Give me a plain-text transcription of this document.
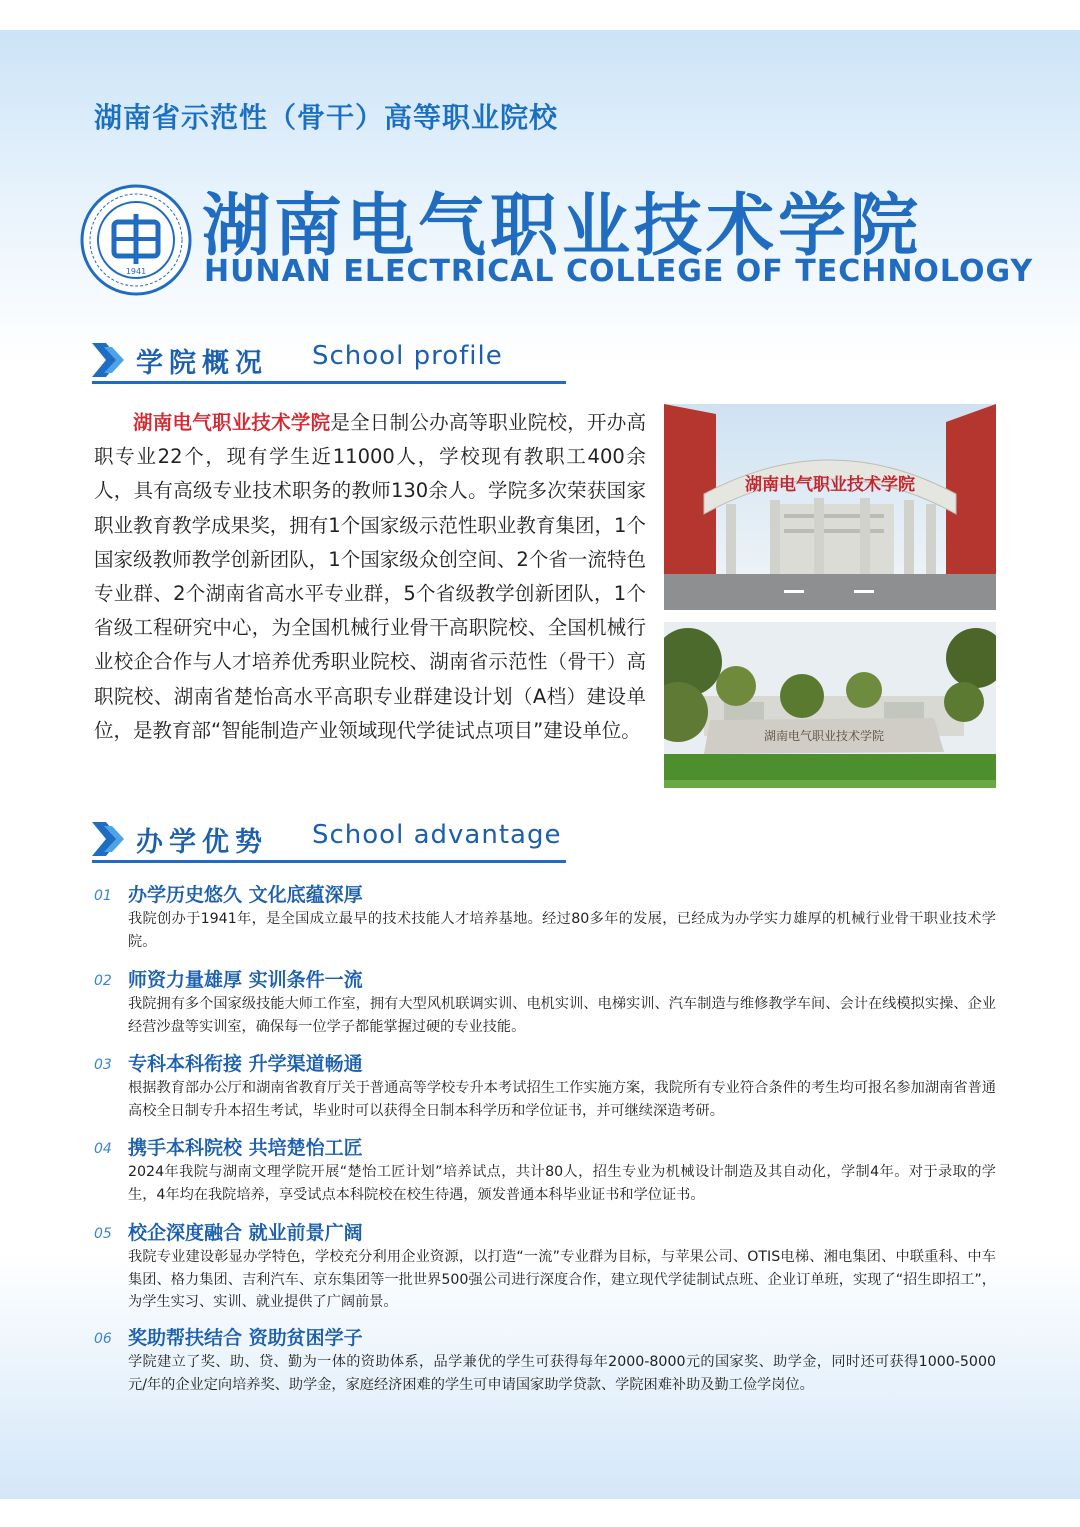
湖南省示范性（骨干）高等职业院校
1941
湖南电气职业技术学院
HUNAN ELECTRICAL COLLEGE OF TECHNOLOGY
学院概况 School profile

湖南电气职业技术学院是全日制公办高等职业院校，开办高职专业22个，现有学生近11000人，学校现有教职工400余人，具有高级专业技术职务的教师130余人。学院多次荣获国家职业教育教学成果奖，拥有1个国家级示范性职业教育集团，1个国家级教师教学创新团队，1个国家级众创空间、2个省一流特色专业群、2个湖南省高水平专业群，5个省级教学创新团队，1个省级工程研究中心，为全国机械行业骨干高职院校、全国机械行业校企合作与人才培养优秀职业院校、湖南省示范性（骨干）高职院校、湖南省楚怡高水平高职专业群建设计划（A档）建设单位，是教育部“智能制造产业领域现代学徒试点项目”建设单位。

湖南电气职业技术学院
湖南电气职业技术学院
办学优势 School advantage
01 办学历史悠久 文化底蕴深厚
我院创办于1941年，是全国成立最早的技术技能人才培养基地。经过80多年的发展，已经成为办学实力雄厚的机械行业骨干职业技术学院。
02 师资力量雄厚 实训条件一流
我院拥有多个国家级技能大师工作室，拥有大型风机联调实训、电机实训、电梯实训、汽车制造与维修教学车间、会计在线模拟实操、企业经营沙盘等实训室，确保每一位学子都能掌握过硬的专业技能。
03 专科本科衔接 升学渠道畅通
根据教育部办公厅和湖南省教育厅关于普通高等学校专升本考试招生工作实施方案，我院所有专业符合条件的考生均可报名参加湖南省普通高校全日制专升本招生考试，毕业时可以获得全日制本科学历和学位证书，并可继续深造考研。
04 携手本科院校 共培楚怡工匠
2024年我院与湖南文理学院开展“楚怡工匠计划”培养试点，共计80人，招生专业为机械设计制造及其自动化，学制4年。对于录取的学生，4年均在我院培养，享受试点本科院校在校生待遇，颁发普通本科毕业证书和学位证书。
05 校企深度融合 就业前景广阔
我院专业建设彰显办学特色，学校充分利用企业资源，以打造“一流”专业群为目标，与苹果公司、OTIS电梯、湘电集团、中联重科、中车集团、格力集团、吉利汽车、京东集团等一批世界500强公司进行深度合作，建立现代学徒制试点班、企业订单班，实现了“招生即招工”，为学生实习、实训、就业提供了广阔前景。
06 奖助帮扶结合 资助贫困学子
学院建立了奖、助、贷、勤为一体的资助体系，品学兼优的学生可获得每年2000-8000元的国家奖、助学金，同时还可获得1000-5000元/年的企业定向培养奖、助学金，家庭经济困难的学生可申请国家助学贷款、学院困难补助及勤工俭学岗位。
